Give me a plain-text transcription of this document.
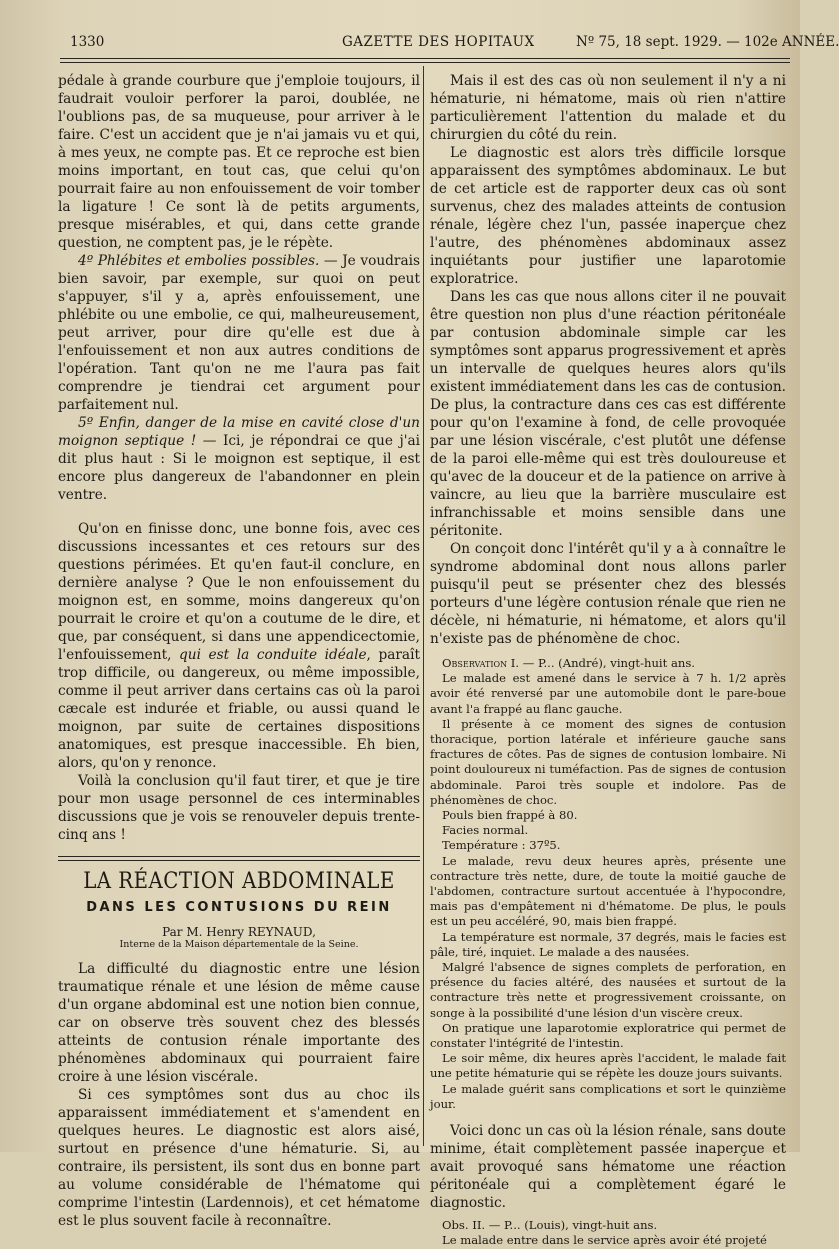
1330	GAZETTE DES HOPITAUX	Nº 75, 18 sept. 1929. — 102e ANNÉE.

pédale à grande courbure que j'emploie toujours, il faudrait vouloir perforer la paroi, doublée, ne l'oublions pas, de sa muqueuse, pour arriver à le faire. C'est un accident que je n'ai jamais vu et qui, à mes yeux, ne compte pas. Et ce reproche est bien moins important, en tout cas, que celui qu'on pourrait faire au non enfouissement de voir tomber la ligature ! Ce sont là de petits arguments, presque misérables, et qui, dans cette grande question, ne comptent pas, je le répète.

4º Phlébites et embolies possibles. — Je voudrais bien savoir, par exemple, sur quoi on peut s'appuyer, s'il y a, après enfouissement, une phlébite ou une embolie, ce qui, malheureusement, peut arriver, pour dire qu'elle est due à l'enfouissement et non aux autres conditions de l'opération. Tant qu'on ne me l'aura pas fait comprendre je tiendrai cet argument pour parfaitement nul.

5º Enfin, danger de la mise en cavité close d'un moignon septique ! — Ici, je répondrai ce que j'ai dit plus haut : Si le moignon est septique, il est encore plus dangereux de l'abandonner en plein ventre.

Qu'on en finisse donc, une bonne fois, avec ces discussions incessantes et ces retours sur des questions périmées. Et qu'en faut-il conclure, en dernière analyse ? Que le non enfouissement du moignon est, en somme, moins dangereux qu'on pourrait le croire et qu'on a coutume de le dire, et que, par conséquent, si dans une appendicectomie, l'enfouissement, qui est la conduite idéale, paraît trop difficile, ou dangereux, ou même impossible, comme il peut arriver dans certains cas où la paroi cæcale est indurée et friable, ou aussi quand le moignon, par suite de certaines dispositions anatomiques, est presque inaccessible. Eh bien, alors, qu'on y renonce.

Voilà la conclusion qu'il faut tirer, et que je tire pour mon usage personnel de ces interminables discussions que je vois se renouveler depuis trente-cinq ans !

LA RÉACTION ABDOMINALE
DANS LES CONTUSIONS DU REIN
Par M. Henry REYNAUD,
Interne de la Maison départementale de la Seine.

La difficulté du diagnostic entre une lésion traumatique rénale et une lésion de même cause d'un organe abdominal est une notion bien connue, car on observe très souvent chez des blessés atteints de contusion rénale importante des phénomènes abdominaux qui pourraient faire croire à une lésion viscérale.

Si ces symptômes sont dus au choc ils apparaissent immédiatement et s'amendent en quelques heures. Le diagnostic est alors aisé, surtout en présence d'une hématurie. Si, au contraire, ils persistent, ils sont dus en bonne part au volume considérable de l'hématome qui comprime l'intestin (Lardennois), et cet hématome est le plus souvent facile à reconnaître.

Mais il est des cas où non seulement il n'y a ni hématurie, ni hématome, mais où rien n'attire particulièrement l'attention du malade et du chirurgien du côté du rein.

Le diagnostic est alors très difficile lorsque apparaissent des symptômes abdominaux. Le but de cet article est de rapporter deux cas où sont survenus, chez des malades atteints de contusion rénale, légère chez l'un, passée inaperçue chez l'autre, des phénomènes abdominaux assez inquiétants pour justifier une laparotomie exploratrice.

Dans les cas que nous allons citer il ne pouvait être question non plus d'une réaction péritonéale par contusion abdominale simple car les symptômes sont apparus progressivement et après un intervalle de quelques heures alors qu'ils existent immédiatement dans les cas de contusion. De plus, la contracture dans ces cas est différente pour qu'on l'examine à fond, de celle provoquée par une lésion viscérale, c'est plutôt une défense de la paroi elle-même qui est très douloureuse et qu'avec de la douceur et de la patience on arrive à vaincre, au lieu que la barrière musculaire est infranchissable et moins sensible dans une péritonite.

On conçoit donc l'intérêt qu'il y a à connaître le syndrome abdominal dont nous allons parler puisqu'il peut se présenter chez des blessés porteurs d'une légère contusion rénale que rien ne décèle, ni hématurie, ni hématome, et alors qu'il n'existe pas de phénomène de choc.

Observation I. — P... (André), vingt-huit ans.

Le malade est amené dans le service à 7 h. 1/2 après avoir été renversé par une automobile dont le pare-boue avant l'a frappé au flanc gauche.

Il présente à ce moment des signes de contusion thoracique, portion latérale et inférieure gauche sans fractures de côtes. Pas de signes de contusion lombaire. Ni point douloureux ni tuméfaction. Pas de signes de contusion abdominale. Paroi très souple et indolore. Pas de phénomènes de choc.

Pouls bien frappé à 80.

Facies normal.

Température : 37º5.

Le malade, revu deux heures après, présente une contracture très nette, dure, de toute la moitié gauche de l'abdomen, contracture surtout accentuée à l'hypocondre, mais pas d'empâtement ni d'hématome. De plus, le pouls est un peu accéléré, 90, mais bien frappé.

La température est normale, 37 degrés, mais le facies est pâle, tiré, inquiet. Le malade a des nausées.

Malgré l'absence de signes complets de perforation, en présence du facies altéré, des nausées et surtout de la contracture très nette et progressivement croissante, on songe à la possibilité d'une lésion d'un viscère creux.

On pratique une laparotomie exploratrice qui permet de constater l'intégrité de l'intestin.

Le soir même, dix heures après l'accident, le malade fait une petite hématurie qui se répète les douze jours suivants.

Le malade guérit sans complications et sort le quinzième jour.

Voici donc un cas où la lésion rénale, sans doute minime, était complètement passée inaperçue et avait provoqué sans hématome une réaction péritonéale qui a complètement égaré le diagnostic.

Obs. II. — P... (Louis), vingt-huit ans.

Le malade entre dans le service après avoir été projeté
